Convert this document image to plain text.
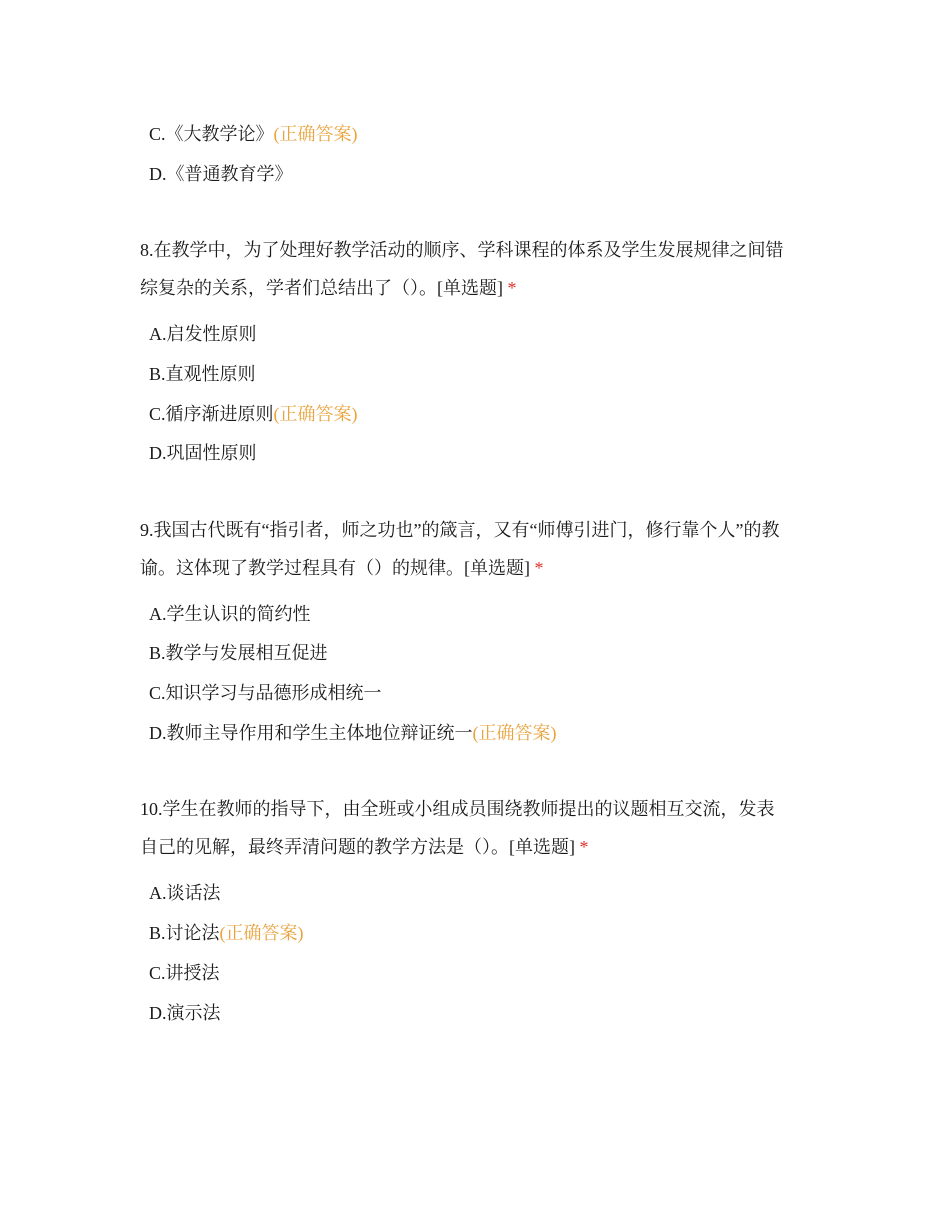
C.《大教学论》(正确答案)
D.《普通教育学》
8.在教学中，为了处理好教学活动的顺序、学科课程的体系及学生发展规律之间错
综复杂的关系，学者们总结出了（）。[单选题] *
A.启发性原则
B.直观性原则
C.循序渐进原则(正确答案)
D.巩固性原则
9.我国古代既有“指引者，师之功也”的箴言，又有“师傅引进门，修行靠个人”的教
谕。这体现了教学过程具有（）的规律。[单选题] *
A.学生认识的简约性
B.教学与发展相互促进
C.知识学习与品德形成相统一
D.教师主导作用和学生主体地位辩证统一(正确答案)
10.学生在教师的指导下，由全班或小组成员围绕教师提出的议题相互交流，发表
自己的见解，最终弄清问题的教学方法是（）。[单选题] *
A.谈话法
B.讨论法(正确答案)
C.讲授法
D.演示法
